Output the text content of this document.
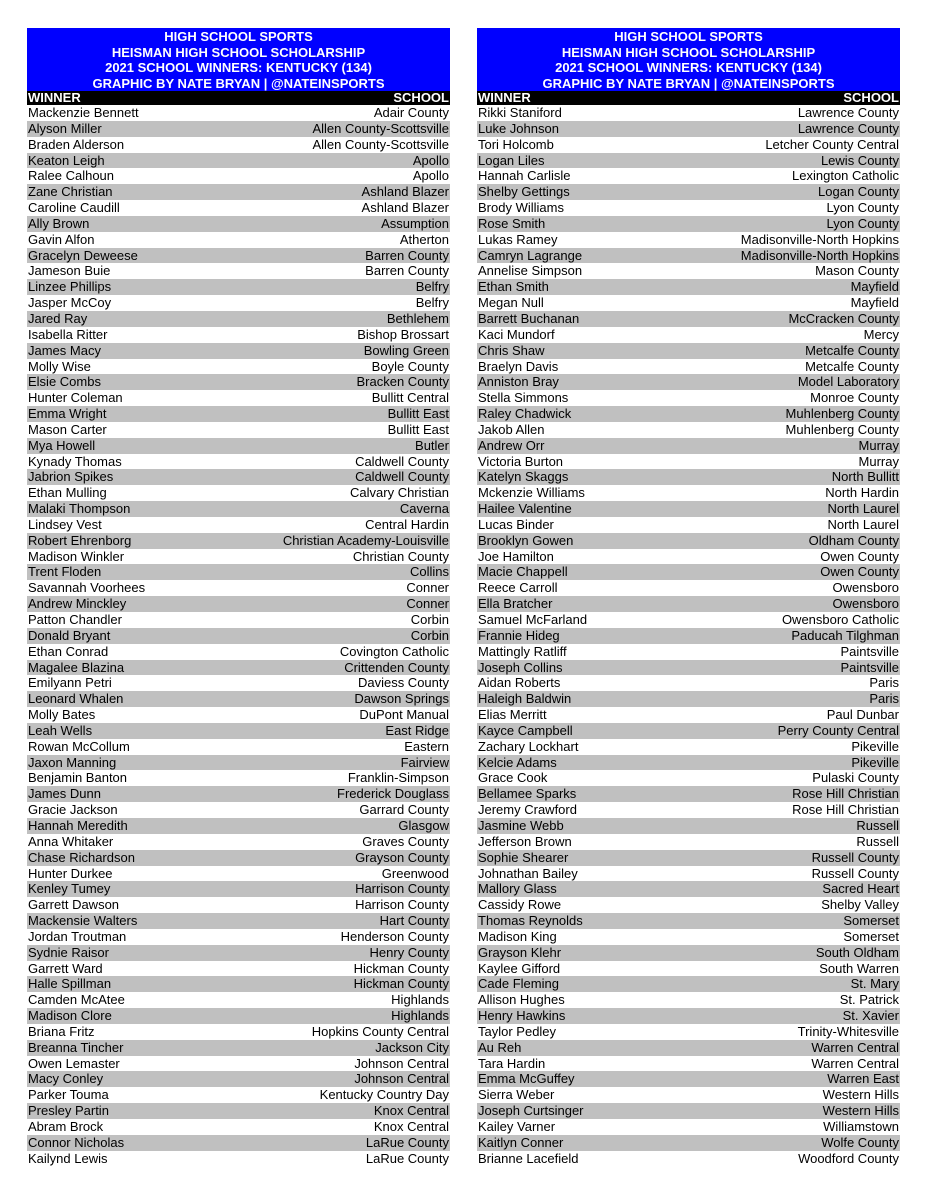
HIGH SCHOOL SPORTS
HEISMAN HIGH SCHOOL SCHOLARSHIP
2021 SCHOOL WINNERS: KENTUCKY (134)
GRAPHIC BY NATE BRYAN | @NATEINSPORTS
WINNER	SCHOOL
Mackenzie Bennett	Adair County
Alyson Miller	Allen County-Scottsville
Braden Alderson	Allen County-Scottsville
Keaton Leigh	Apollo
Ralee Calhoun	Apollo
Zane Christian	Ashland Blazer
Caroline Caudill	Ashland Blazer
Ally Brown	Assumption
Gavin Alfon	Atherton
Gracelyn Deweese	Barren County
Jameson Buie	Barren County
Linzee Phillips	Belfry
Jasper McCoy	Belfry
Jared Ray	Bethlehem
Isabella Ritter	Bishop Brossart
James Macy	Bowling Green
Molly Wise	Boyle County
Elsie Combs	Bracken County
Hunter Coleman	Bullitt Central
Emma Wright	Bullitt East
Mason Carter	Bullitt East
Mya Howell	Butler
Kynady Thomas	Caldwell County
Jabrion Spikes	Caldwell County
Ethan Mulling	Calvary Christian
Malaki Thompson	Caverna
Lindsey Vest	Central Hardin
Robert Ehrenborg	Christian Academy-Louisville
Madison Winkler	Christian County
Trent Floden	Collins
Savannah Voorhees	Conner
Andrew Minckley	Conner
Patton Chandler	Corbin
Donald Bryant	Corbin
Ethan Conrad	Covington Catholic
Magalee Blazina	Crittenden County
Emilyann Petri	Daviess County
Leonard Whalen	Dawson Springs
Molly Bates	DuPont Manual
Leah Wells	East Ridge
Rowan McCollum	Eastern
Jaxon Manning	Fairview
Benjamin Banton	Franklin-Simpson
James Dunn	Frederick Douglass
Gracie Jackson	Garrard County
Hannah Meredith	Glasgow
Anna Whitaker	Graves County
Chase Richardson	Grayson County
Hunter Durkee	Greenwood
Kenley Tumey	Harrison County
Garrett Dawson	Harrison County
Mackensie Walters	Hart County
Jordan Troutman	Henderson County
Sydnie Raisor	Henry County
Garrett Ward	Hickman County
Halle Spillman	Hickman County
Camden McAtee	Highlands
Madison Clore	Highlands
Briana Fritz	Hopkins County Central
Breanna Tincher	Jackson City
Owen Lemaster	Johnson Central
Macy Conley	Johnson Central
Parker Touma	Kentucky Country Day
Presley Partin	Knox Central
Abram Brock	Knox Central
Connor Nicholas	LaRue County
Kailynd Lewis	LaRue County
HIGH SCHOOL SPORTS
HEISMAN HIGH SCHOOL SCHOLARSHIP
2021 SCHOOL WINNERS: KENTUCKY (134)
GRAPHIC BY NATE BRYAN | @NATEINSPORTS
WINNER	SCHOOL
Rikki Staniford	Lawrence County
Luke Johnson	Lawrence County
Tori Holcomb	Letcher County Central
Logan Liles	Lewis County
Hannah Carlisle	Lexington Catholic
Shelby Gettings	Logan County
Brody Williams	Lyon County
Rose Smith	Lyon County
Lukas Ramey	Madisonville-North Hopkins
Camryn Lagrange	Madisonville-North Hopkins
Annelise Simpson	Mason County
Ethan Smith	Mayfield
Megan Null	Mayfield
Barrett Buchanan	McCracken County
Kaci Mundorf	Mercy
Chris Shaw	Metcalfe County
Braelyn Davis	Metcalfe County
Anniston Bray	Model Laboratory
Stella Simmons	Monroe County
Raley Chadwick	Muhlenberg County
Jakob Allen	Muhlenberg County
Andrew Orr	Murray
Victoria Burton	Murray
Katelyn Skaggs	North Bullitt
Mckenzie Williams	North Hardin
Hailee Valentine	North Laurel
Lucas Binder	North Laurel
Brooklyn Gowen	Oldham County
Joe Hamilton	Owen County
Macie Chappell	Owen County
Reece Carroll	Owensboro
Ella Bratcher	Owensboro
Samuel McFarland	Owensboro Catholic
Frannie Hideg	Paducah Tilghman
Mattingly Ratliff	Paintsville
Joseph Collins	Paintsville
Aidan Roberts	Paris
Haleigh Baldwin	Paris
Elias Merritt	Paul Dunbar
Kayce Campbell	Perry County Central
Zachary Lockhart	Pikeville
Kelcie Adams	Pikeville
Grace Cook	Pulaski County
Bellamee Sparks	Rose Hill Christian
Jeremy Crawford	Rose Hill Christian
Jasmine Webb	Russell
Jefferson Brown	Russell
Sophie Shearer	Russell County
Johnathan Bailey	Russell County
Mallory Glass	Sacred Heart
Cassidy Rowe	Shelby Valley
Thomas Reynolds	Somerset
Madison King	Somerset
Grayson Klehr	South Oldham
Kaylee Gifford	South Warren
Cade Fleming	St. Mary
Allison Hughes	St. Patrick
Henry Hawkins	St. Xavier
Taylor Pedley	Trinity-Whitesville
Au Reh	Warren Central
Tara Hardin	Warren Central
Emma McGuffey	Warren East
Sierra Weber	Western Hills
Joseph Curtsinger	Western Hills
Kailey Varner	Williamstown
Kaitlyn Conner	Wolfe County
Brianne Lacefield	Woodford County
